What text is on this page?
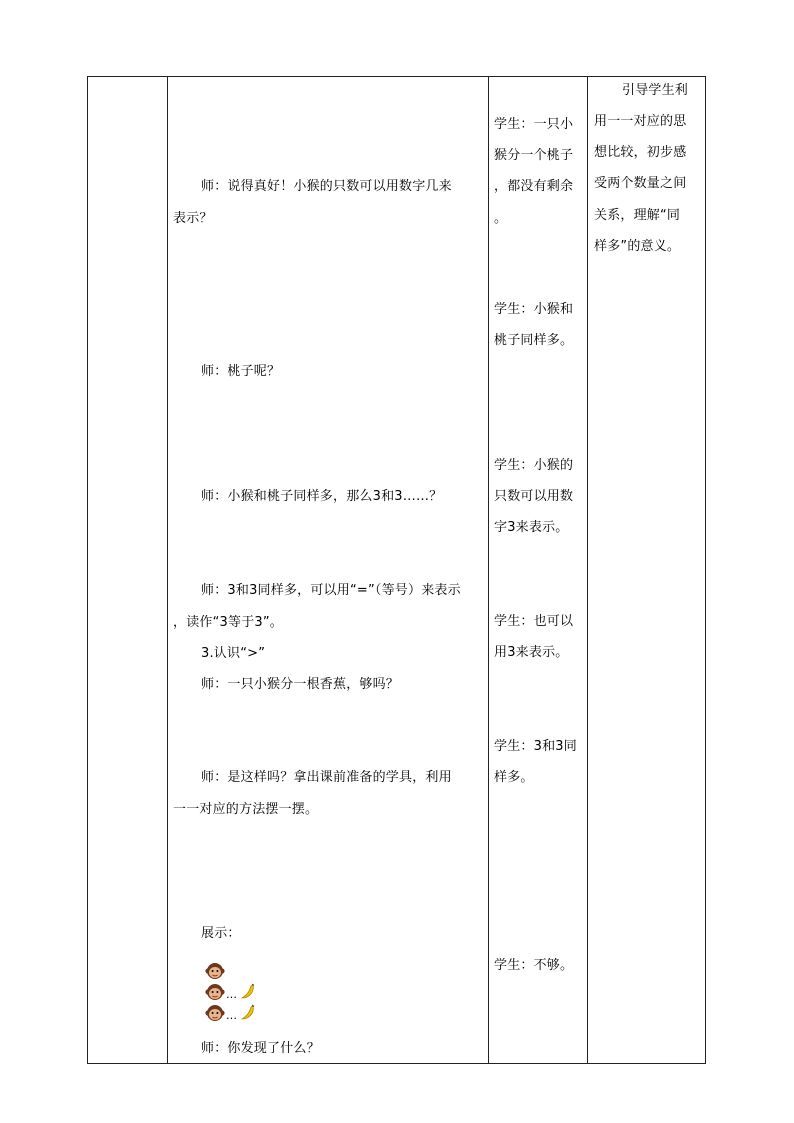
师：说得真好！小猴的只数可以用数字几来
表示？
师：桃子呢？
师：小猴和桃子同样多，那么3和3……？
师：3和3同样多，可以用“=”（等号）来表示
，读作“3等于3”。
3.认识“>”
师：一只小猴分一根香蕉，够吗？
师：是这样吗？拿出课前准备的学具，利用
一一对应的方法摆一摆。
展示：
师：你发现了什么？
…
…
学生：一只小
猴分一个桃子
，都没有剩余
。
学生：小猴和
桃子同样多。
学生：小猴的
只数可以用数
字3来表示。
学生：也可以
用3来表示。
学生：3和3同
样多。
学生：不够。
引导学生利
用一一对应的思
想比较，初步感
受两个数量之间
关系，理解“同
样多”的意义。
